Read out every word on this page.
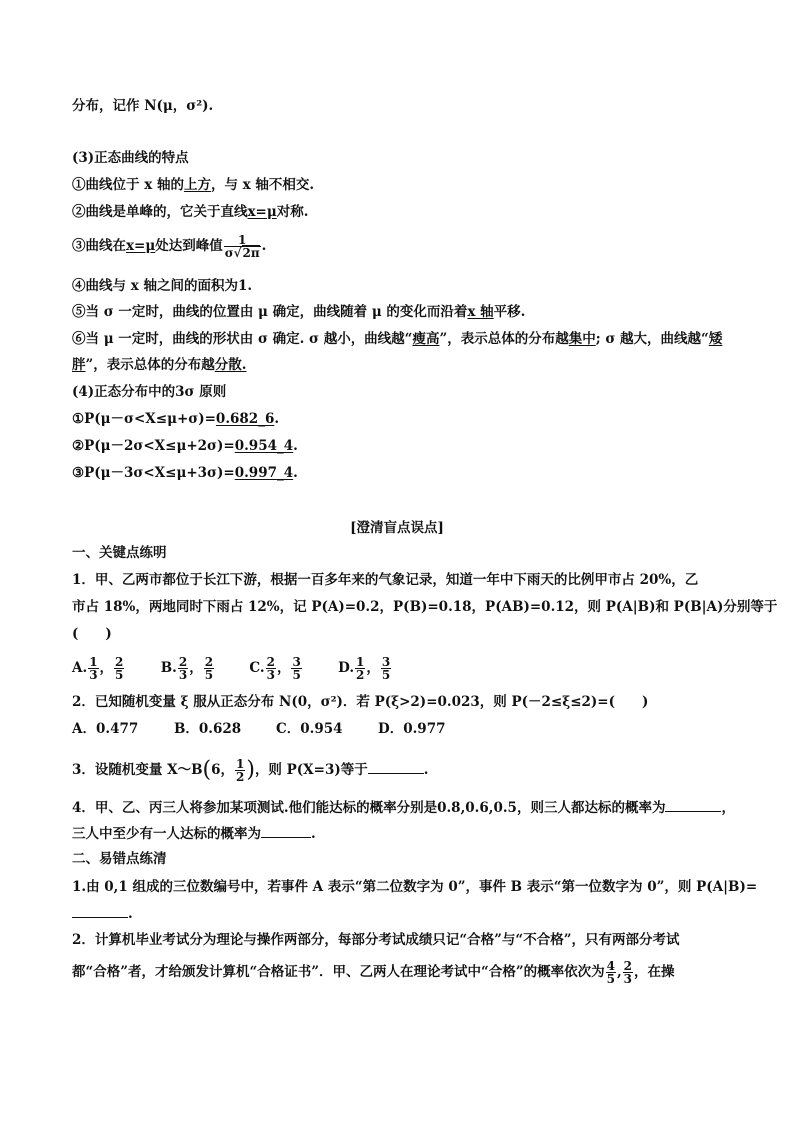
分布，记作 N(μ，σ²).
(3)正态曲线的特点
①曲线位于 x 轴的上方，与 x 轴不相交.
②曲线是单峰的，它关于直线x=μ对称.
③曲线在x=μ处达到峰值 $\frac{1}{\sigma√2\pi}$ .
④曲线与 x 轴之间的面积为1.
⑤当 σ 一定时，曲线的位置由 μ 确定，曲线随着 μ 的变化而沿着x 轴平移.
⑥当 μ 一定时，曲线的形状由 σ 确定. σ 越小，曲线越“瘦高”，表示总体的分布越集中; σ 越大，曲线越“矮
胖”，表示总体的分布越分散.
(4)正态分布中的3σ 原则
①P(μ－σ<X≤μ+σ)=0.682_6.
②P(μ－2σ<X≤μ+2σ)=0.954_4.
③P(μ－3σ<X≤μ+3σ)=0.997_4.
[澄清盲点误点]
一、关键点练明
1．甲、乙两市都位于长江下游，根据一百多年来的气象记录，知道一年中下雨天的比例甲市占 20%，乙
市占 18%，两地同时下雨占 12%，记 P(A)=0.2，P(B)=0.18，P(AB)=0.12，则 P(A|B)和 P(B|A)分别等于
(　　)
A. $\frac{1}{3}$ ， $\frac{2}{5}$	B. $\frac{2}{3}$ ， $\frac{2}{5}$	C. $\frac{2}{3}$ ， $\frac{3}{5}$	D. $\frac{1}{2}$ ， $\frac{3}{5}$
2．已知随机变量 ξ 服从正态分布 N(0，σ²)．若 P(ξ>2)=0.023，则 P(－2≤ξ≤2)=(　　)
A．0.477	B．0.628	C．0.954	D．0.977
3．设随机变量 X～B(6， $\frac{1}{2}$ )，则 P(X=3)等于	.
4．甲、乙、丙三人将参加某项测试.他们能达标的概率分别是0.8,0.6,0.5，则三人都达标的概率为	，
三人中至少有一人达标的概率为	.
二、易错点练清
1.由 0,1 组成的三位数编号中，若事件 A 表示“第二位数字为 0”，事件 B 表示“第一位数字为 0”，则 P(A|B)=
.
2．计算机毕业考试分为理论与操作两部分，每部分考试成绩只记“合格”与“不合格”，只有两部分考试
都“合格”者，才给颁发计算机“合格证书”．甲、乙两人在理论考试中“合格”的概率依次为 $\frac{4}{5}$ , $\frac{2}{3}$ ，在操
